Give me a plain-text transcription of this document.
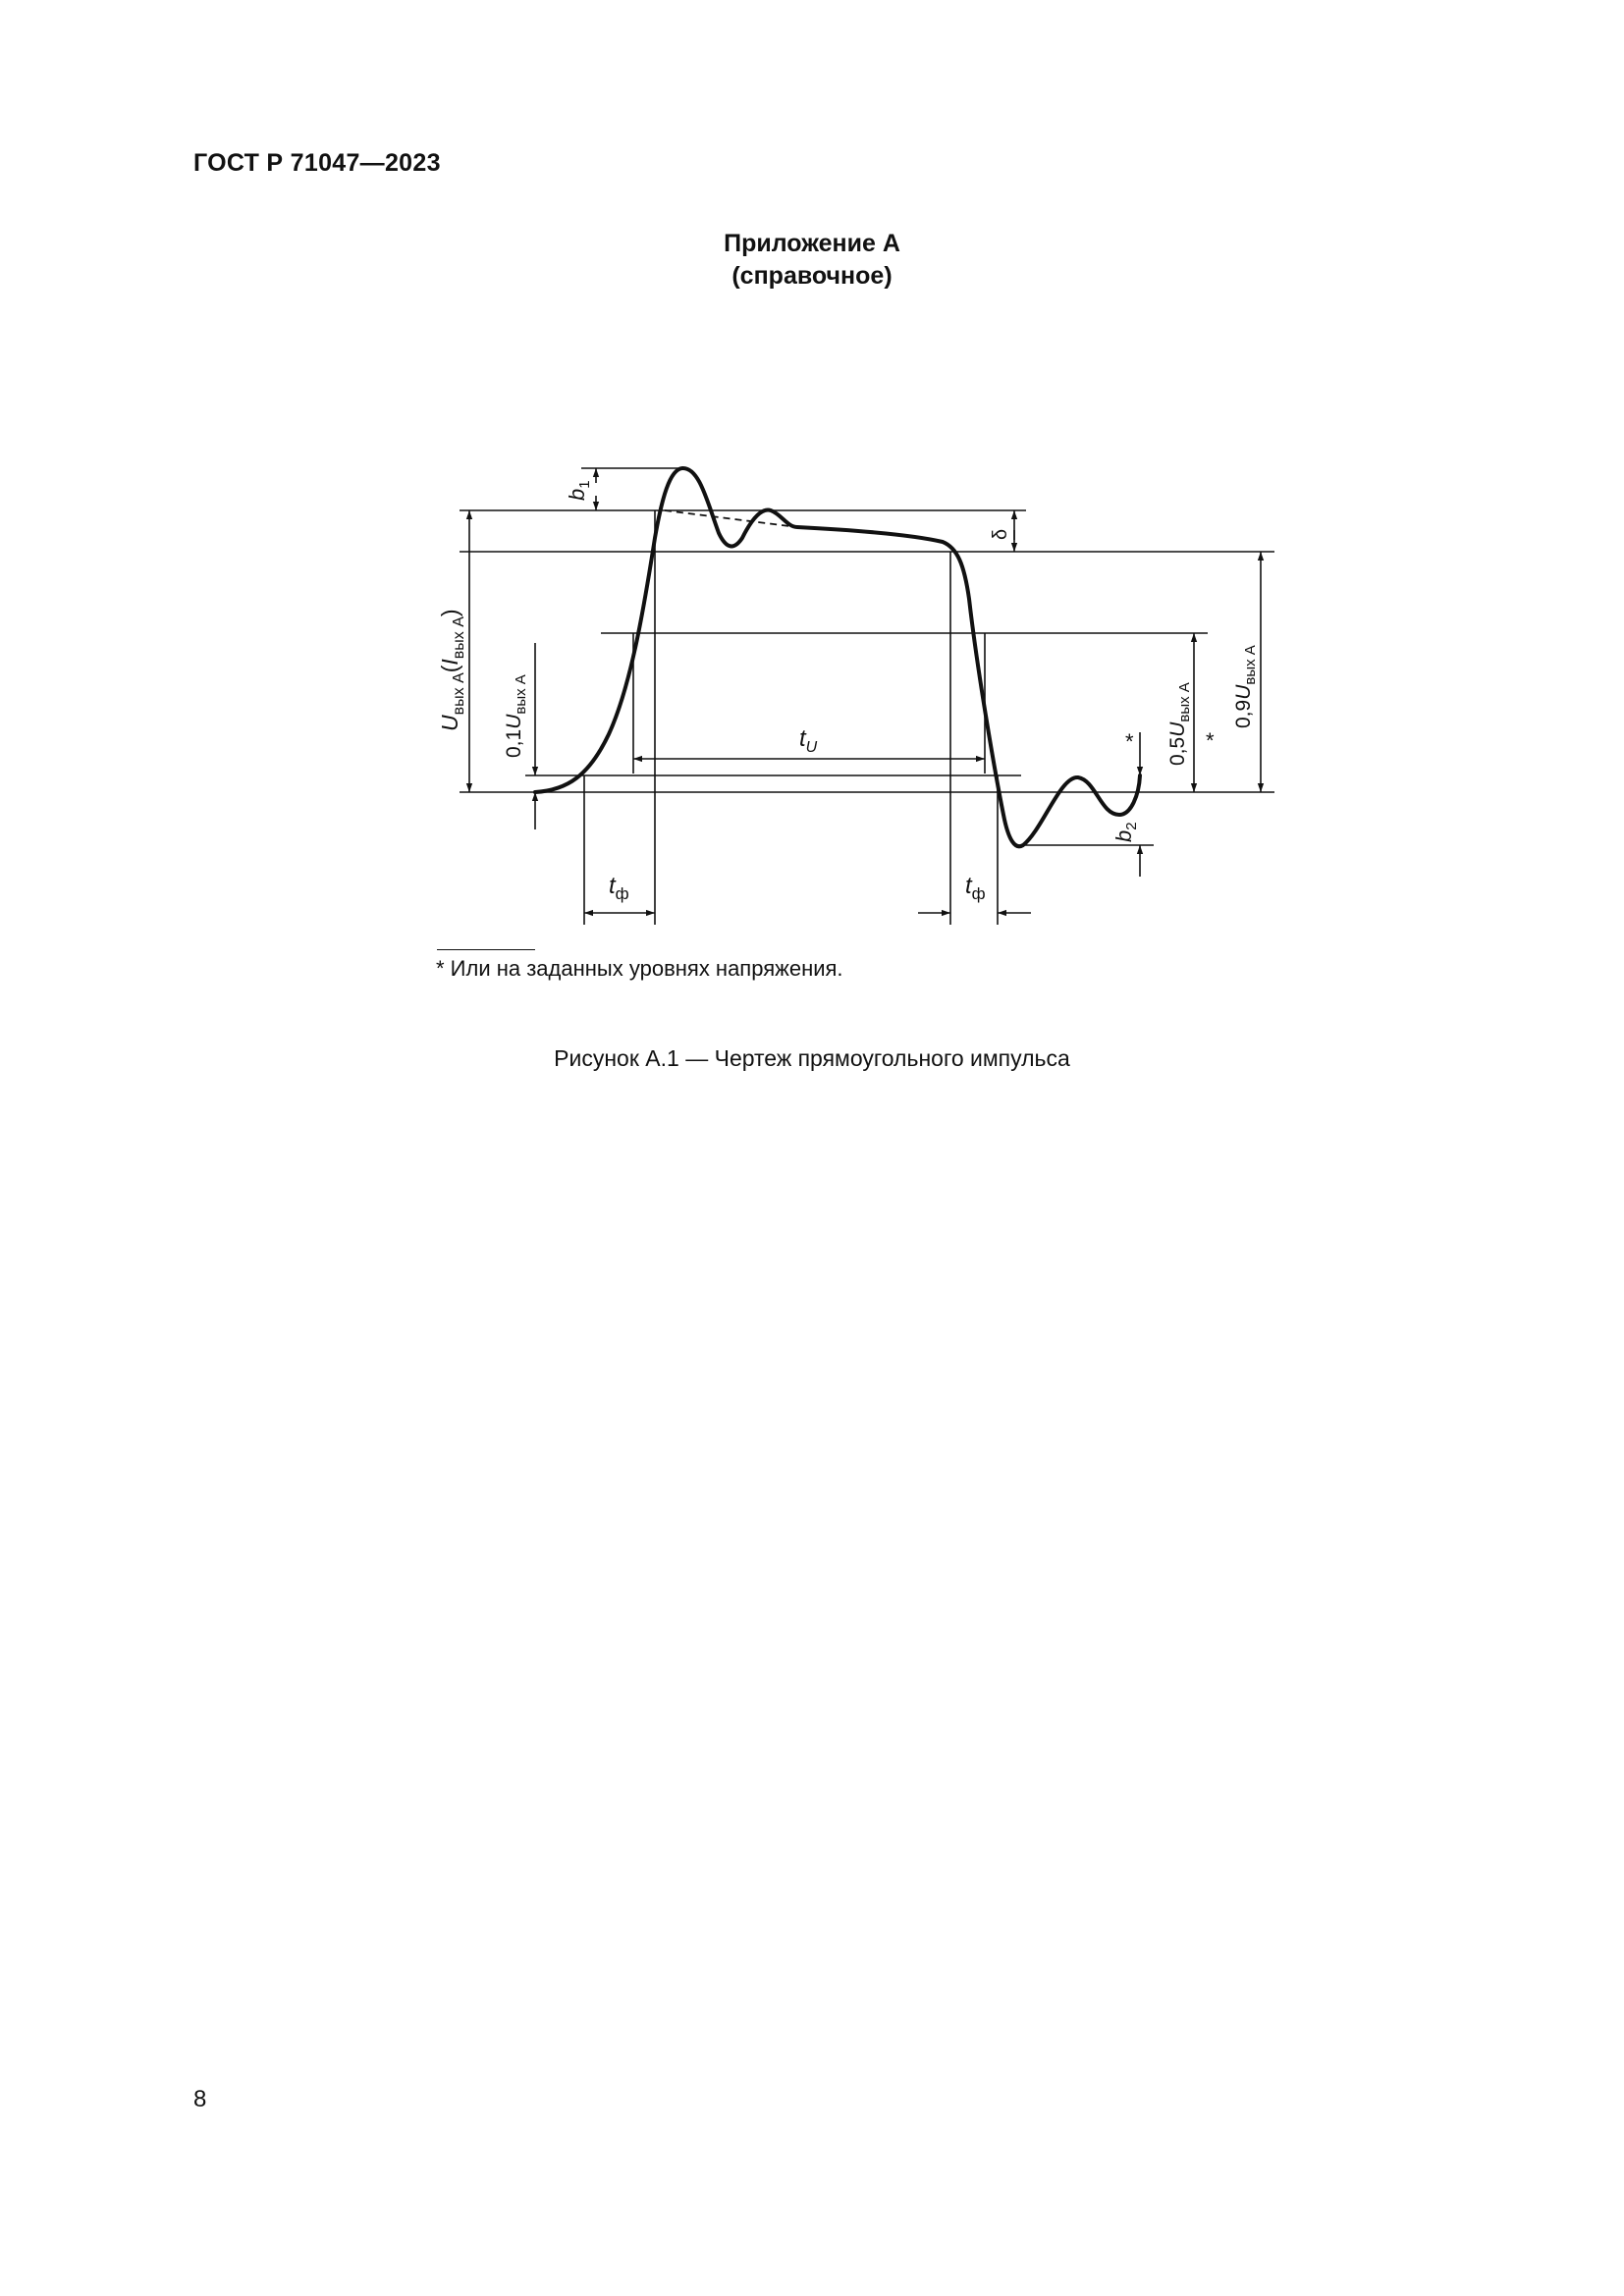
ГОСТ Р 71047—2023
Приложение А
(справочное)
$b_1$
δ
$U_{вых А}(I_{вых А})$
$0,1U_{вых А}$
$0,5U_{вых А}$ $0,9U_{вых А}$
*
*
$b_2$
$t_U$
$t_ф$	$t_ф$
* Или на заданных уровнях напряжения.
Рисунок А.1 — Чертеж прямоугольного импульса
8
